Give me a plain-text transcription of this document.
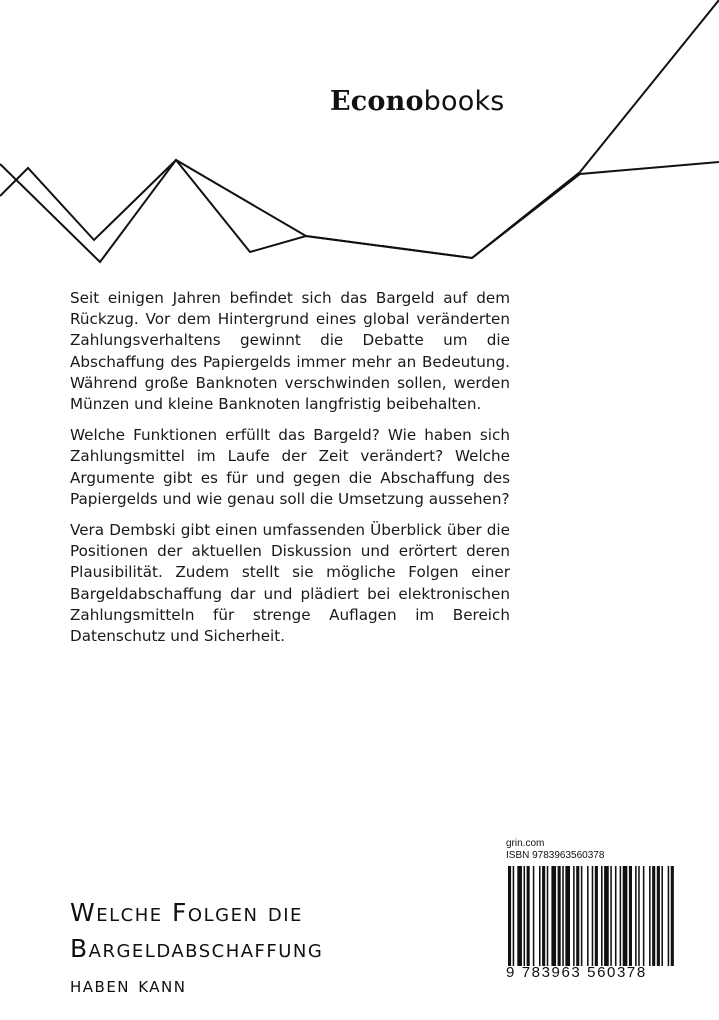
Econobooks

Seit einigen Jahren befindet sich das Bargeld auf dem Rückzug. Vor dem Hintergrund eines global veränderten Zahlungsverhaltens gewinnt die Debatte um die Abschaffung des Papiergelds immer mehr an Bedeutung. Während große Banknoten verschwinden sollen, werden Münzen und kleine Banknoten langfristig beibehalten.

Welche Funktionen erfüllt das Bargeld? Wie haben sich Zahlungsmittel im Laufe der Zeit verändert? Welche Argumente gibt es für und gegen die Abschaffung des Papiergelds und wie genau soll die Umsetzung aussehen?

Vera Dembski gibt einen umfassenden Überblick über die Positionen der aktuellen Diskussion und erörtert deren Plausibilität. Zudem stellt sie mögliche Folgen einer Bargeldabschaffung dar und plädiert bei elektronischen Zahlungsmitteln für strenge Auflagen im Bereich Datenschutz und Sicherheit.

Welche Folgen die
Bargeldabschaffung
haben kann
grin.com
ISBN 9783963560378
9 783963 560378
